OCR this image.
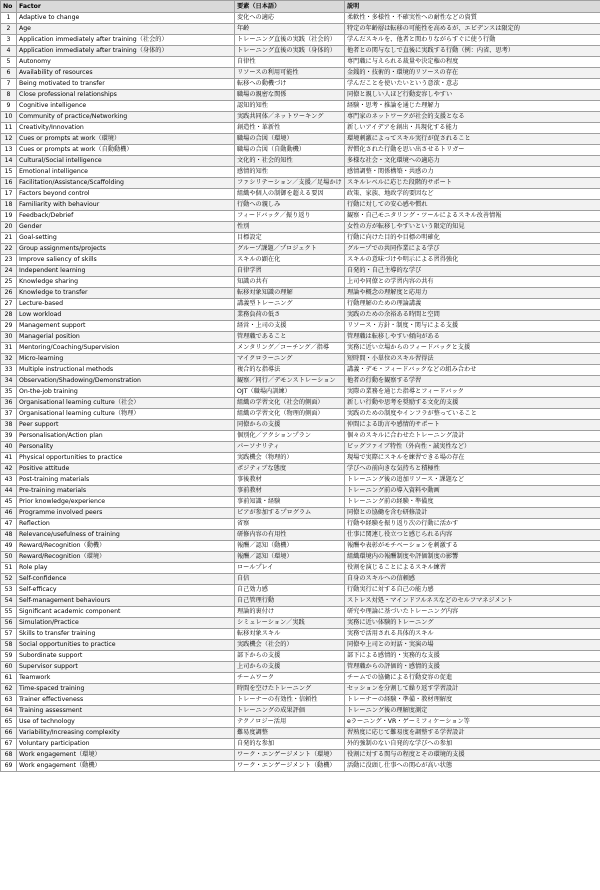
No	Factor	要素（日本語）	説明
1	Adaptive to change	変化への適応	柔軟性・多様性・不確実性への耐性などの資質
2	Age	年齢	特定の年齢層は転移の可能性を高めるが、エビデンスは限定的
3	Application immediately after training（社会的）	トレーニング直後の実践（社会的）	学んだスキルを、他者と関わりながらすぐに使う行動
4	Application immediately after training（身体的）	トレーニング直後の実践（身体的）	他者との関与なしで直後に実践する行動（例：内省、思考）
5	Autonomy	自律性	専門職に与えられる裁量や決定権の程度
6	Availability of resources	リソースの利用可能性	金銭的・技術的・環境的リソースの存在
7	Being motivated to transfer	転移への動機づけ	学んだことを使いたいという意欲・意志
8	Close professional relationships	職場の親密な関係	同僚と親しい人ほど行動変容しやすい
9	Cognitive intelligence	認知的知性	経験・思考・推論を通じた理解力
10	Community of practice/Networking	実践共同体／ネットワーキング	専門家のネットワークが社会的支援となる
11	Creativity/Innovation	創造性・革新性	新しいアイデアを創出・具現化する能力
12	Cues or prompts at work（環境）	職場の合図（環境）	環境刺激によってスキル実行が促されること
13	Cues or prompts at work（自動動機）	職場の合図（自動動機）	習慣化された行動を思い出させるトリガー
14	Cultural/Social intelligence	文化的・社会的知性	多様な社会・文化環境への適応力
15	Emotional intelligence	感情的知性	感情調整・関係構築・共感の力
16	Facilitation/Assistance/Scaffolding	ファシリテーション／支援／足場かけ	スキルレベルに応じた段階的サポート
17	Factors beyond control	組織や個人の制御を超える要因	政策、家族、地政学的要因など
18	Familiarity with behaviour	行動への親しみ	行動に対しての安心感や慣れ
19	Feedback/Debrief	フィードバック／振り返り	観察・自己モニタリング・ツールによるスキル改善情報
20	Gender	性別	女性の方が転移しやすいという限定的知見
21	Goal-setting	目標設定	行動に向けた目的や目標の明確化
22	Group assignments/projects	グループ課題／プロジェクト	グループでの共同作業による学び
23	Improve saliency of skills	スキルの顕在化	スキルの意味づけや明示による習得強化
24	Independent learning	自律学習	自発的・自己主導的な学び
25	Knowledge sharing	知識の共有	上司や同僚との学習内容の共有
26	Knowledge to transfer	転移対象知識の理解	理論や概念の理解度と応用力
27	Lecture-based	講義型トレーニング	行動理解のための理論講義
28	Low workload	業務負荷の低さ	実践のための余裕ある時間と空間
29	Management support	経営・上司の支援	リソース・方針・制度・関与による支援
30	Managerial position	管理職であること	管理職は転移しやすい傾向がある
31	Mentoring/Coaching/Supervision	メンタリング／コーチング／指導	実務に近い立場からのフィードバックと支援
32	Micro-learning	マイクロラーニング	短時間・小単位のスキル習得法
33	Multiple instructional methods	複合的な指導法	講義・デモ・フィードバックなどの組み合わせ
34	Observation/Shadowing/Demonstration	観察／同行／デモンストレーション	他者の行動を観察する学習
35	On-the-job training	OJT（職場内訓練）	実際の業務を通じた指導とフィードバック
36	Organisational learning culture（社会）	組織の学習文化（社会的側面）	新しい行動や思考を奨励する文化的支援
37	Organisational learning culture（物理）	組織の学習文化（物理的側面）	実践のための制度やインフラが整っていること
38	Peer support	同僚からの支援	仲間による助言や感情的サポート
39	Personalisation/Action plan	個別化／アクションプラン	個々のスキルに合わせたトレーニング設計
40	Personality	パーソナリティ	ビッグファイブ特性（外向性・誠実性など）
41	Physical opportunities to practice	実践機会（物理的）	現場で実際にスキルを練習できる場の存在
42	Positive attitude	ポジティブな態度	学びへの前向きな気持ちと積極性
43	Post-training materials	事後教材	トレーニング後の追加リソース・課題など
44	Pre-training materials	事前教材	トレーニング前の導入資料や動画
45	Prior knowledge/experience	事前知識・経験	トレーニング前の経験・準備度
46	Programme involved peers	ピアが参加するプログラム	同僚との協働を含む研修設計
47	Reflection	省察	行動や経験を振り返り次の行動に活かす
48	Relevance/usefulness of training	研修内容の有用性	仕事に関連し役立つと感じられる内容
49	Reward/Recognition（動機）	報酬／認知（動機）	報酬や表彰がモチベーションを刺激する
50	Reward/Recognition（環境）	報酬／認知（環境）	組織環境内の報酬制度や評価制度の影響
51	Role play	ロールプレイ	役割を演じることによるスキル練習
52	Self-confidence	自信	自身のスキルへの信頼感
53	Self-efficacy	自己効力感	行動実行に対する自己の能力感
54	Self-management behaviours	自己管理行動	ストレス対処・マインドフルネスなどのセルフマネジメント
55	Significant academic component	理論的裏付け	研究や理論に基づいたトレーニング内容
56	Simulation/Practice	シミュレーション／実践	実務に近い体験的トレーニング
57	Skills to transfer training	転移対象スキル	実務で活用される具体的スキル
58	Social opportunities to practice	実践機会（社会的）	同僚や上司との対話・実演の場
59	Subordinate support	部下からの支援	部下による感情的・実務的な支援
60	Supervisor support	上司からの支援	管理職からの評価的・感情的支援
61	Teamwork	チームワーク	チームでの協働による行動変容の促進
62	Time-spaced training	時間を空けたトレーニング	セッションを分割して繰り返す学習設計
63	Trainer effectiveness	トレーナーの有効性・信頼性	トレーナーの経験・準備・教材理解度
64	Training assessment	トレーニングの成果評価	トレーニング後の理解度測定
65	Use of technology	テクノロジー活用	eラーニング・VR・ゲーミフィケーション等
66	Variability/Increasing complexity	難易度調整	習熟度に応じて難易度を調整する学習設計
67	Voluntary participation	自発的な参加	外的強制のない自発的な学びへの参加
68	Work engagement（環境）	ワーク・エンゲージメント（環境）	役割に対する関与の程度とその環境的支援
69	Work engagement（動機）	ワーク・エンゲージメント（動機）	活動に没頭し仕事への関心が高い状態
